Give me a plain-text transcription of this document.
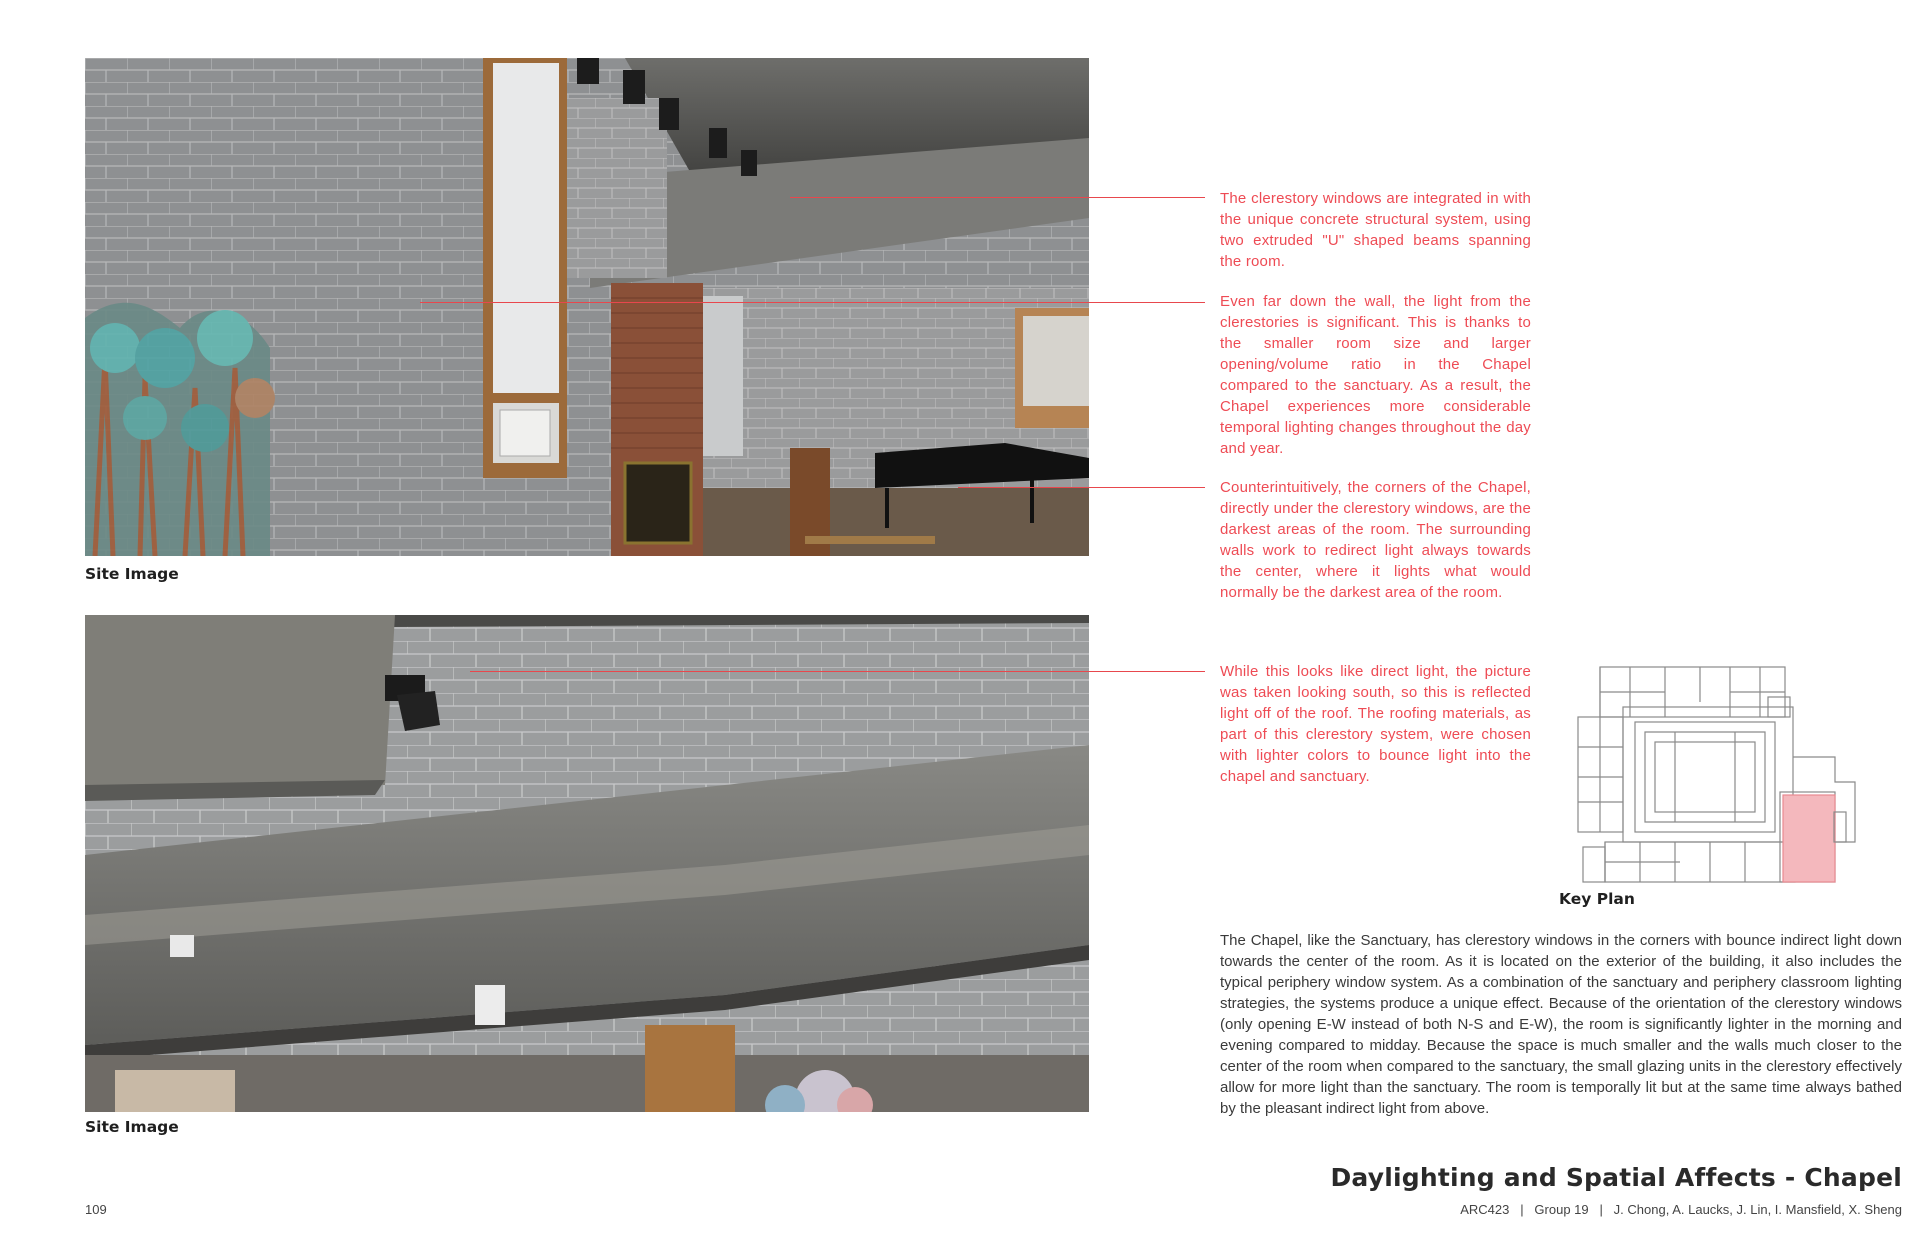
Site Image
Site Image

The clerestory windows are integrated in with the unique concrete structural system, using two extruded "U" shaped beams spanning the room.

Even far down the wall, the light from the clerestories is significant. This is thanks to the smaller room size and larger opening/volume ratio in the Chapel compared to the sanctuary. As a result, the Chapel experiences more considerable temporal lighting changes throughout the day and year.

Counterintuitively, the corners of the Chapel, directly under the clerestory windows, are the darkest areas of the room. The surrounding walls work to redirect light always towards the center, where it lights what would normally be the darkest area of the room.

While this looks like direct light, the picture was taken looking south, so this is reflected light off of the roof. The roofing materials, as part of this clerestory system, were chosen with lighter colors to bounce light into the chapel and sanctuary.

Key Plan

The Chapel, like the Sanctuary, has clerestory windows in the corners with bounce indirect light down towards the center of the room. As it is located on the exterior of the building, it also includes the typical periphery window system. As a combination of the sanctuary and periphery classroom lighting strategies, the systems produce a unique effect. Because of the orientation of the clerestory windows (only opening E-W instead of both N-S and E-W), the room is significantly lighter in the morning and evening compared to midday. Because the space is much smaller and the walls much closer to the center of the room when compared to the sanctuary, the small glazing units in the clerestory effectively allow for more light than the sanctuary. The room is temporally lit but at the same time always bathed by the pleasant indirect light from above.

Daylighting and Spatial Affects - Chapel
109	ARC423   |   Group 19   |   J. Chong, A. Laucks, J. Lin, I. Mansfield, X. Sheng
